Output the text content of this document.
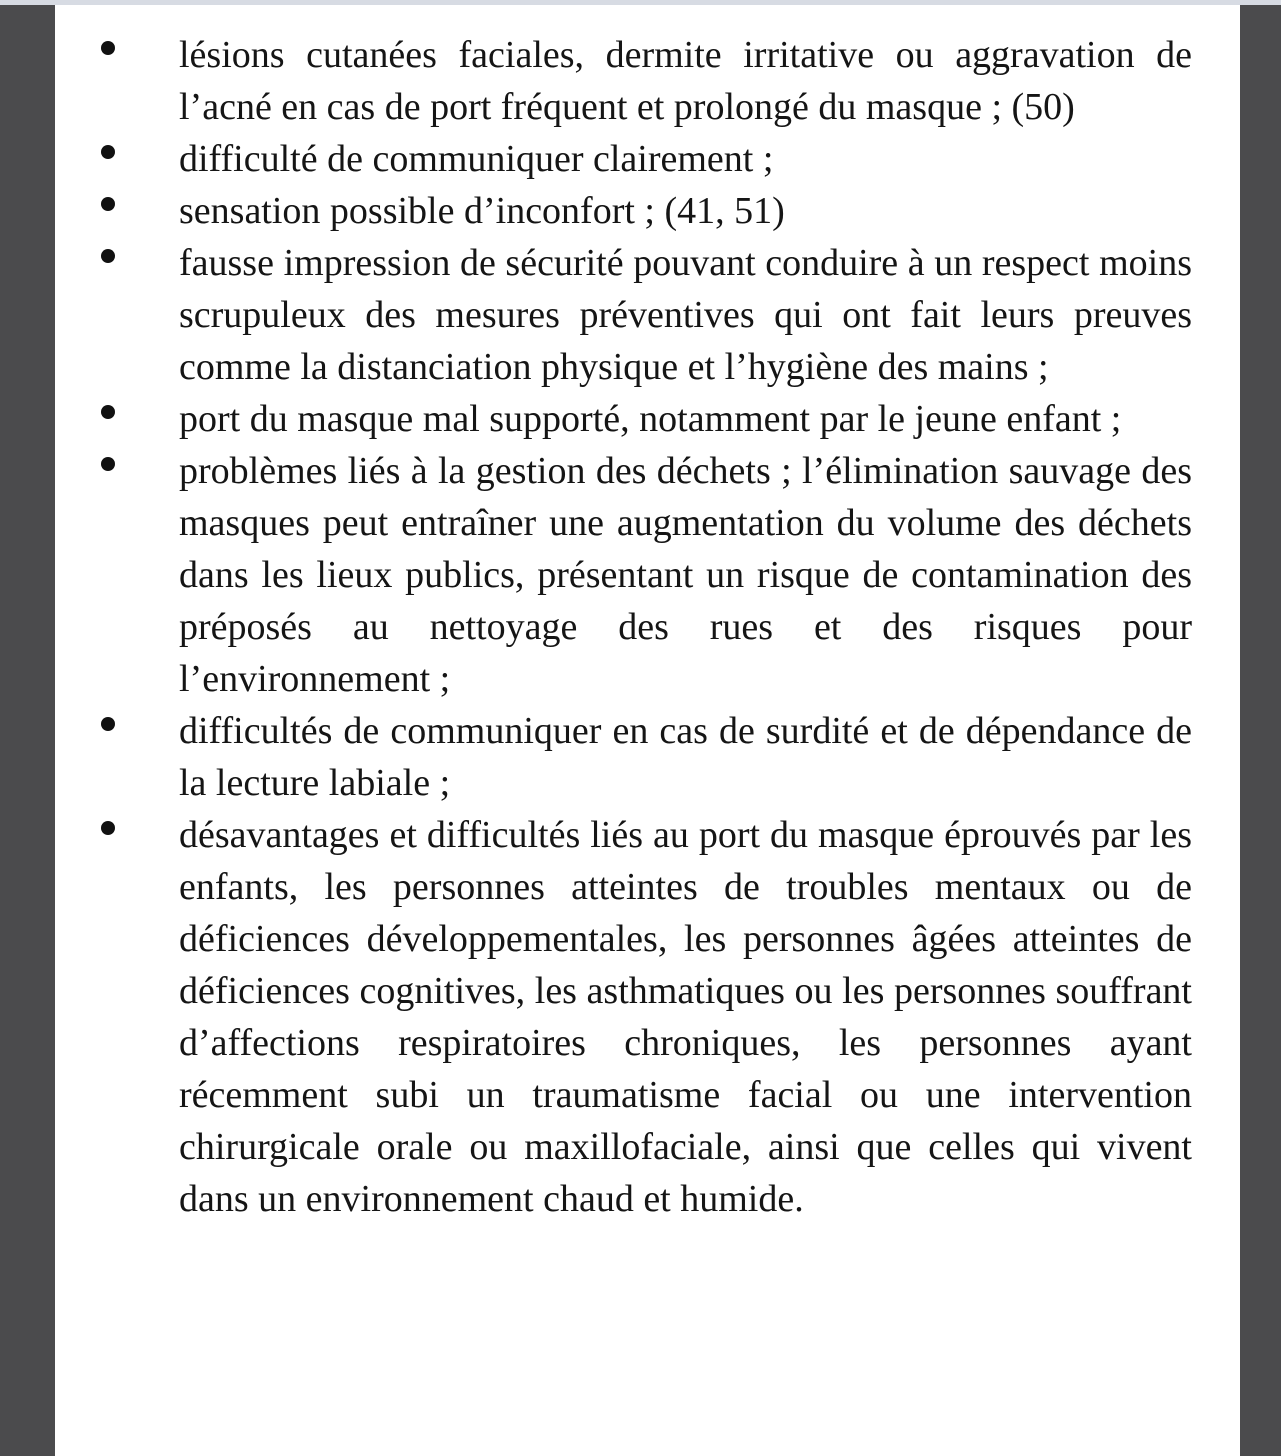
lésions cutanées faciales, dermite irritative ou aggravation de l’acné en cas de port fréquent et prolongé du masque ; (50)
difficulté de communiquer clairement ;
sensation possible d’inconfort ; (41, 51)
fausse impression de sécurité pouvant conduire à un respect moins scrupuleux des mesures préventives qui ont fait leurs preuves comme la distanciation physique et l’hygiène des mains ;
port du masque mal supporté, notamment par le jeune enfant ;
problèmes liés à la gestion des déchets ; l’élimination sauvage des masques peut entraîner une augmentation du volume des déchets dans les lieux publics, présentant un risque de contamination des préposés au nettoyage des rues et des risques pour l’environnement ;
difficultés de communiquer en cas de surdité et de dépendance de la lecture labiale ;
désavantages et difficultés liés au port du masque éprouvés par les enfants, les personnes atteintes de troubles mentaux ou de déficiences développementales, les personnes âgées atteintes de déficiences cognitives, les asthmatiques ou les personnes souffrant d’affections respiratoires chroniques, les personnes ayant récemment subi un traumatisme facial ou une intervention chirurgicale orale ou maxillofaciale, ainsi que celles qui vivent dans un environnement chaud et humide.
